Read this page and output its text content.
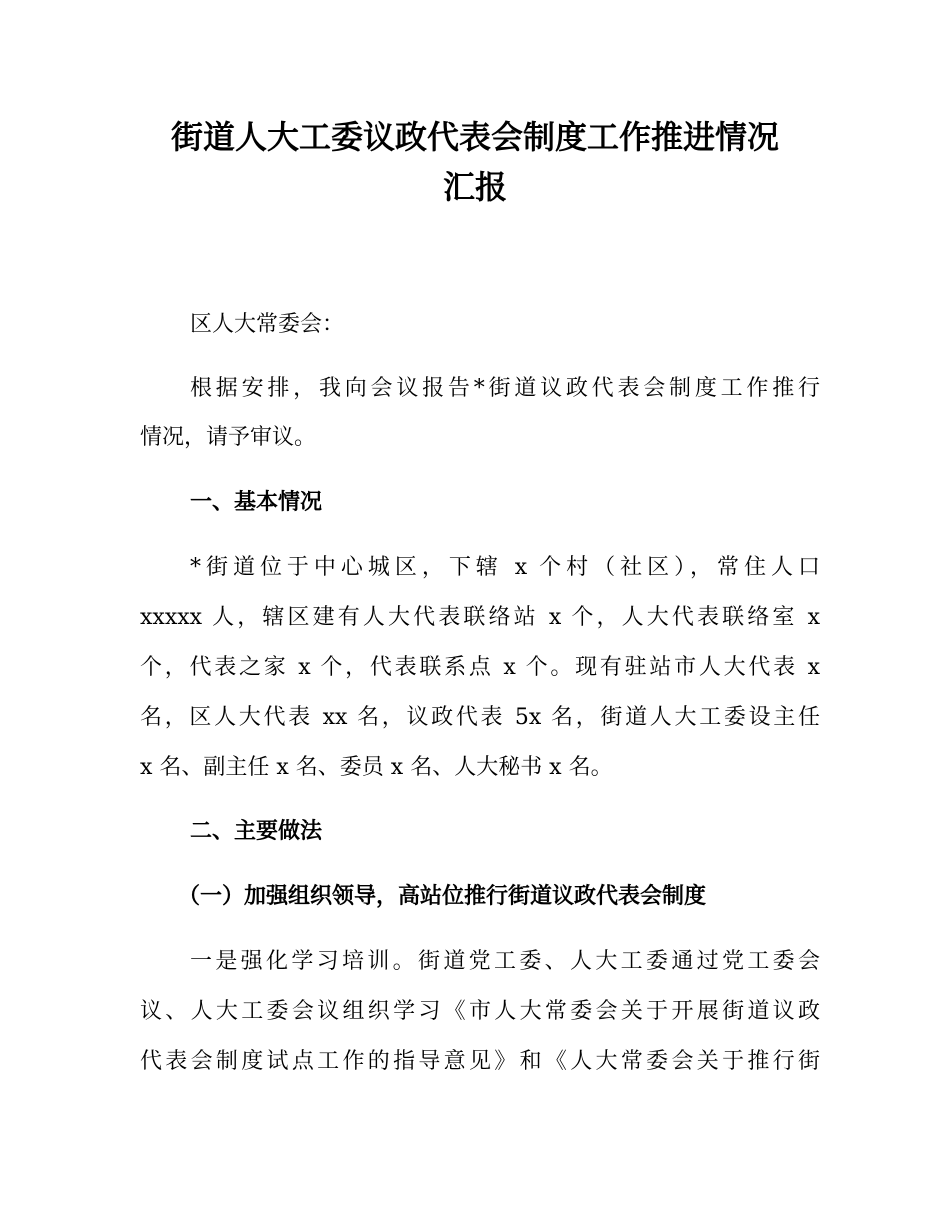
街道人大工委议政代表会制度工作推进情况
汇报

区人大常委会：

根据安排，我向会议报告*街道议政代表会制度工作推行

情况，请予审议。

一、基本情况

*街道位于中心城区，下辖 x 个村（社区），常住人口

xxxxx 人，辖区建有人大代表联络站 x 个，人大代表联络室 x

个，代表之家 x 个，代表联系点 x 个。现有驻站市人大代表 x

名，区人大代表 xx 名，议政代表 5x 名，街道人大工委设主任

x 名、副主任 x 名、委员 x 名、人大秘书 x 名。

二、主要做法

（一）加强组织领导，高站位推行街道议政代表会制度

一是强化学习培训。街道党工委、人大工委通过党工委会

议、人大工委会议组织学习《市人大常委会关于开展街道议政

代表会制度试点工作的指导意见》和《人大常委会关于推行街
